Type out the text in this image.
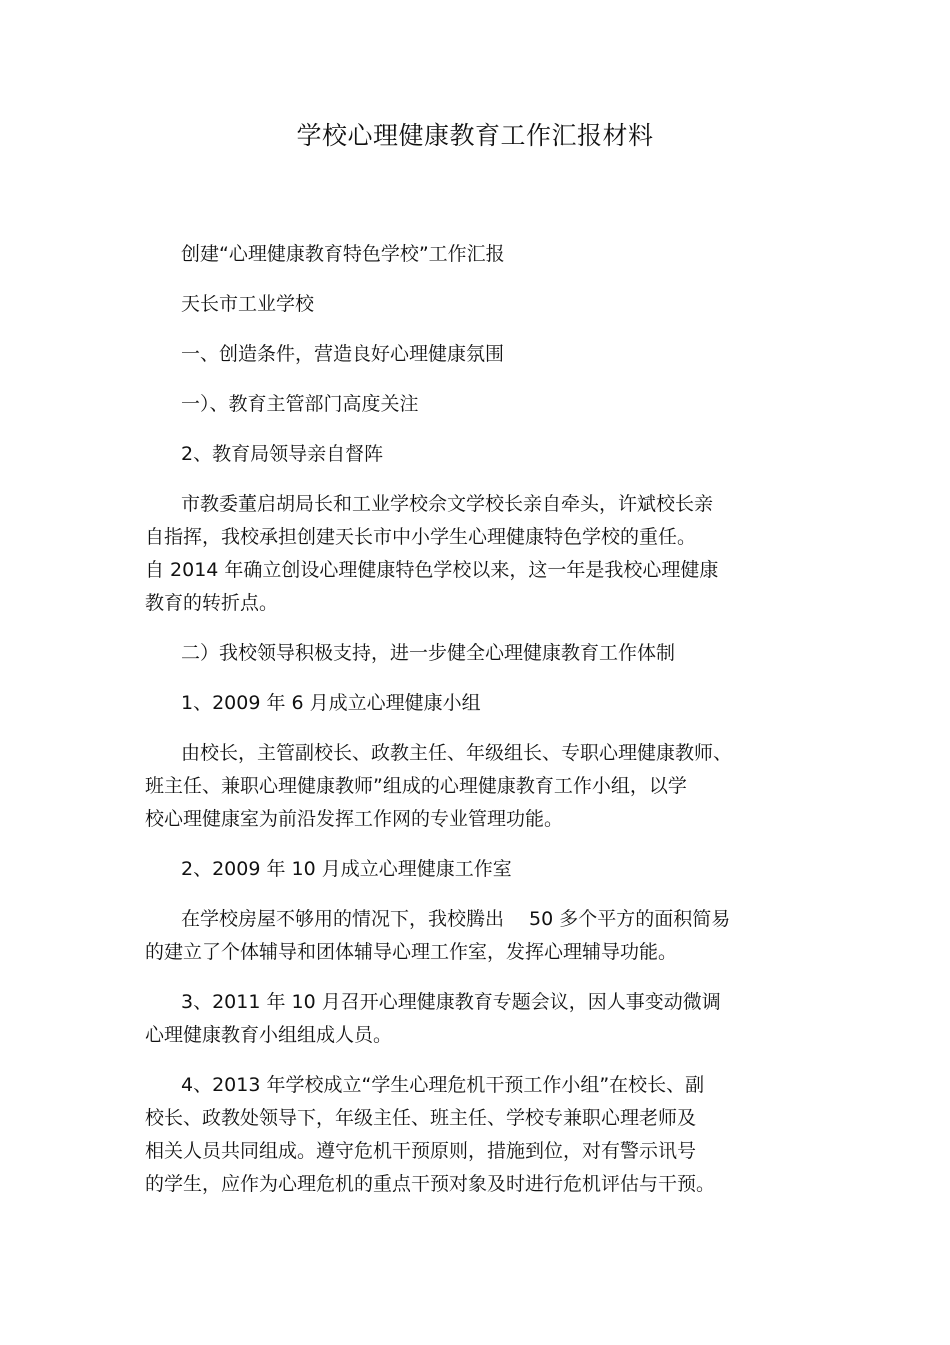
学校心理健康教育工作汇报材料

创建“心理健康教育特色学校”工作汇报

天长市工业学校

一、创造条件，营造良好心理健康氛围

一）、教育主管部门高度关注

2、教育局领导亲自督阵

市教委董启胡局长和工业学校佘文学校长亲自牵头，许斌校长亲
自指挥，我校承担创建天长市中小学生心理健康特色学校的重任。
自 2014 年确立创设心理健康特色学校以来，这一年是我校心理健康
教育的转折点。

二）我校领导积极支持，进一步健全心理健康教育工作体制

1、2009 年 6 月成立心理健康小组

由校长，主管副校长、政教主任、年级组长、专职心理健康教师、
班主任、兼职心理健康教师”组成的心理健康教育工作小组，以学
校心理健康室为前沿发挥工作网的专业管理功能。

2、2009 年 10 月成立心理健康工作室

在学校房屋不够用的情况下，我校腾出　 50 多个平方的面积简易
的建立了个体辅导和团体辅导心理工作室，发挥心理辅导功能。

3、2011 年 10 月召开心理健康教育专题会议，因人事变动微调
心理健康教育小组组成人员。

4、2013 年学校成立“学生心理危机干预工作小组”在校长、副
校长、政教处领导下，年级主任、班主任、学校专兼职心理老师及
相关人员共同组成。遵守危机干预原则，措施到位，对有警示讯号
的学生，应作为心理危机的重点干预对象及时进行危机评估与干预。
